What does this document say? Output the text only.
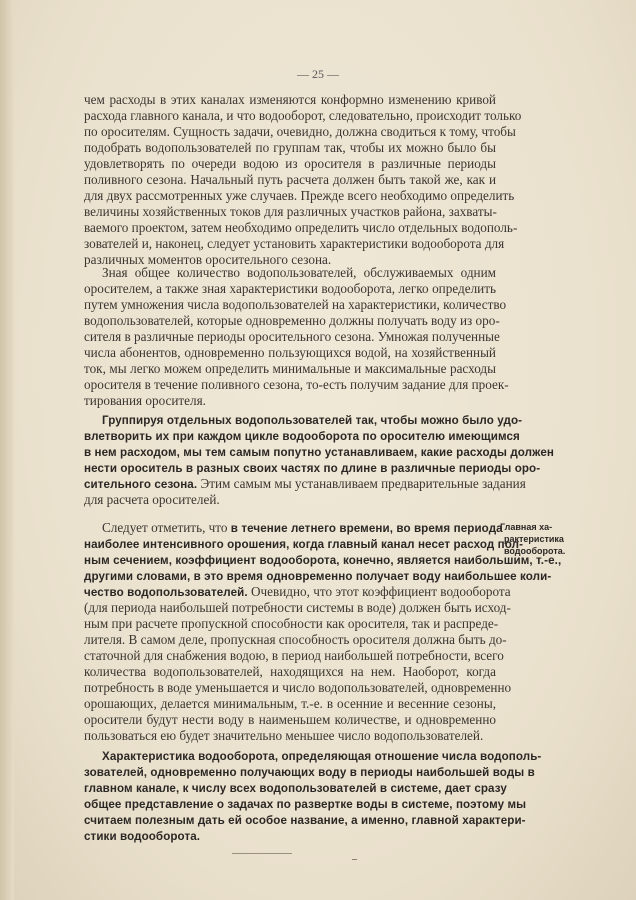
— 25 —
чем расходы в этих каналах изменяются конформно изменению кривой
расхода главного канала, и что водооборот, следовательно, происходит только
по оросителям. Сущность задачи, очевидно, должна сводиться к тому, чтобы
подобрать водопользователей по группам так, чтобы их можно было бы
удовлетворять по очереди водою из оросителя в различные периоды
поливного сезона. Начальный путь расчета должен быть такой же, как и
для двух рассмотренных уже случаев. Прежде всего необходимо определить
величины хозяйственных токов для различных участков района, захваты-
ваемого проектом, затем необходимо определить число отдельных водополь-
зователей и, наконец, следует установить характеристики водооборота для
различных моментов оросительного сезона.
Зная общее количество водопользователей, обслуживаемых одним
оросителем, а также зная характеристики водооборота, легко определить
путем умножения числа водопользователей на характеристики, количество
водопользователей, которые одновременно должны получать воду из оро-
сителя в различные периоды оросительного сезона. Умножая полученные
числа абонентов, одновременно пользующихся водой, на хозяйственный
ток, мы легко можем определить минимальные и максимальные расходы
оросителя в течение поливного сезона, то-есть получим задание для проек-
тирования оросителя.
Группируя отдельных водопользователей так, чтобы можно было удо-
влетворить их при каждом цикле водооборота по оросителю имеющимся
в нем расходом, мы тем самым попутно устанавливаем, какие расходы должен
нести ороситель в разных своих частях по длине в различные периоды оро-
сительного сезона. Этим самым мы устанавливаем предварительные задания
для расчета оросителей.
Следует отметить, что в течение летнего времени, во время периода
наиболее интенсивного орошения, когда главный канал несет расход пол-
ным сечением, коэффициент водооборота, конечно, является наибольшим, т.-е.,
другими словами, в это время одновременно получает воду наибольшее коли-
чество водопользователей. Очевидно, что этот коэффициент водооборота
(для периода наибольшей потребности системы в воде) должен быть исход-
ным при расчете пропускной способности как оросителя, так и распреде-
лителя. В самом деле, пропускная способность оросителя должна быть до-
статочной для снабжения водою, в период наибольшей потребности, всего
количества водопользователей, находящихся на нем. Наоборот, когда
потребность в воде уменьшается и число водопользователей, одновременно
орошающих, делается минимальным, т.-е. в осенние и весенние сезоны,
оросители будут нести воду в наименьшем количестве, и одновременно
пользоваться ею будет значительно меньшее число водопользователей.
Характеристика водооборота, определяющая отношение числа водополь-
зователей, одновременно получающих воду в периоды наибольшей воды в
главном канале, к числу всех водопользователей в системе, дает сразу
общее представление о задачах по развертке воды в системе, поэтому мы
считаем полезным дать ей особое название, а именно, главной характери-
стики водооборота.
Главная ха-
рактеристика
водооборота.
